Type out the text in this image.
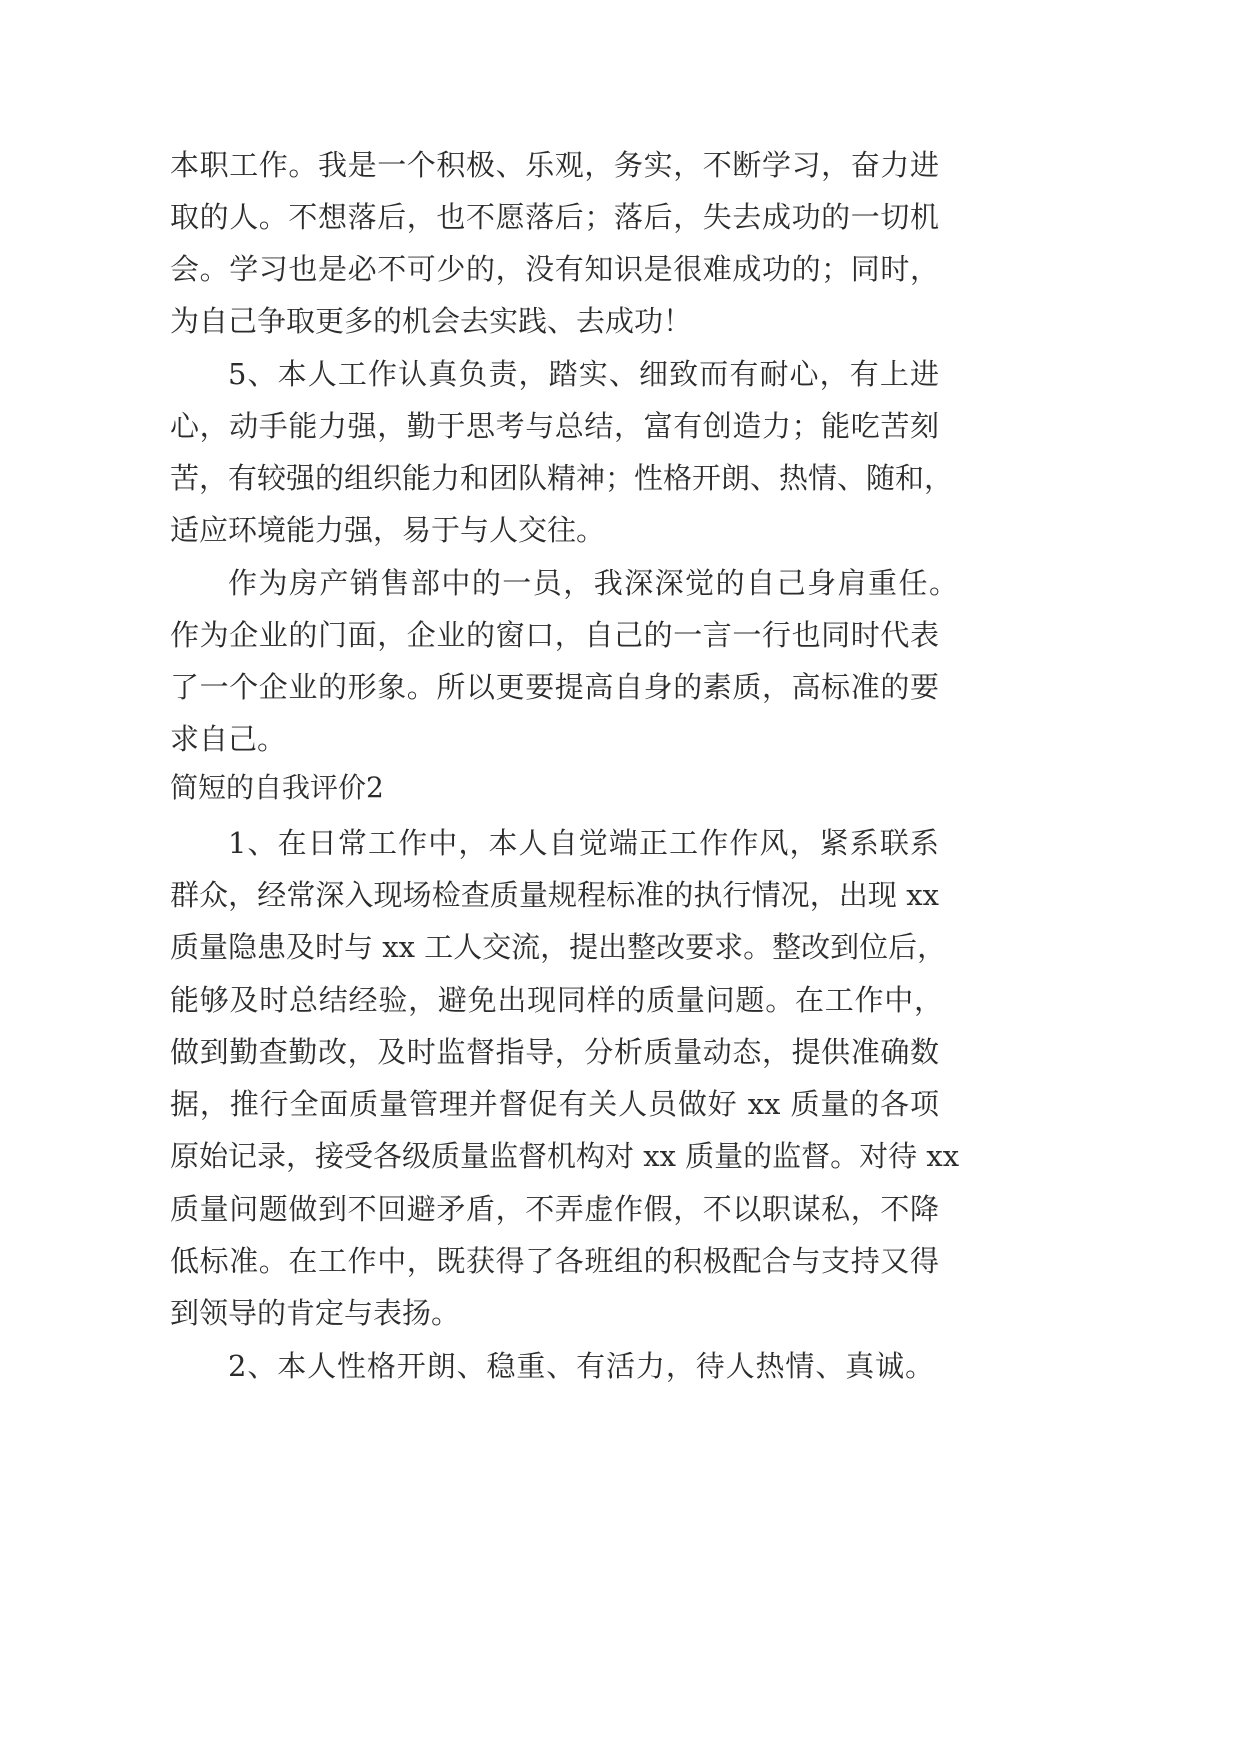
本职工作。我是一个积极、乐观，务实，不断学习，奋力进
取的人。不想落后，也不愿落后；落后，失去成功的一切机
会。学习也是必不可少的，没有知识是很难成功的；同时，
为自己争取更多的机会去实践、去成功！
5、本人工作认真负责，踏实、细致而有耐心，有上进
心，动手能力强，勤于思考与总结，富有创造力；能吃苦刻
苦，有较强的组织能力和团队精神；性格开朗、热情、随和，
适应环境能力强，易于与人交往。
作为房产销售部中的一员，我深深觉的自己身肩重任。
作为企业的门面，企业的窗口，自己的一言一行也同时代表
了一个企业的形象。所以更要提高自身的素质，高标准的要
求自己。
简短的自我评价2
1、在日常工作中，本人自觉端正工作作风，紧系联系
群众，经常深入现场检查质量规程标准的执行情况，出现 xx
质量隐患及时与 xx 工人交流，提出整改要求。整改到位后，
能够及时总结经验，避免出现同样的质量问题。在工作中，
做到勤查勤改，及时监督指导，分析质量动态，提供准确数
据，推行全面质量管理并督促有关人员做好 xx 质量的各项
原始记录，接受各级质量监督机构对 xx 质量的监督。对待 xx
质量问题做到不回避矛盾，不弄虚作假，不以职谋私，不降
低标准。在工作中，既获得了各班组的积极配合与支持又得
到领导的肯定与表扬。
2、本人性格开朗、稳重、有活力，待人热情、真诚。
